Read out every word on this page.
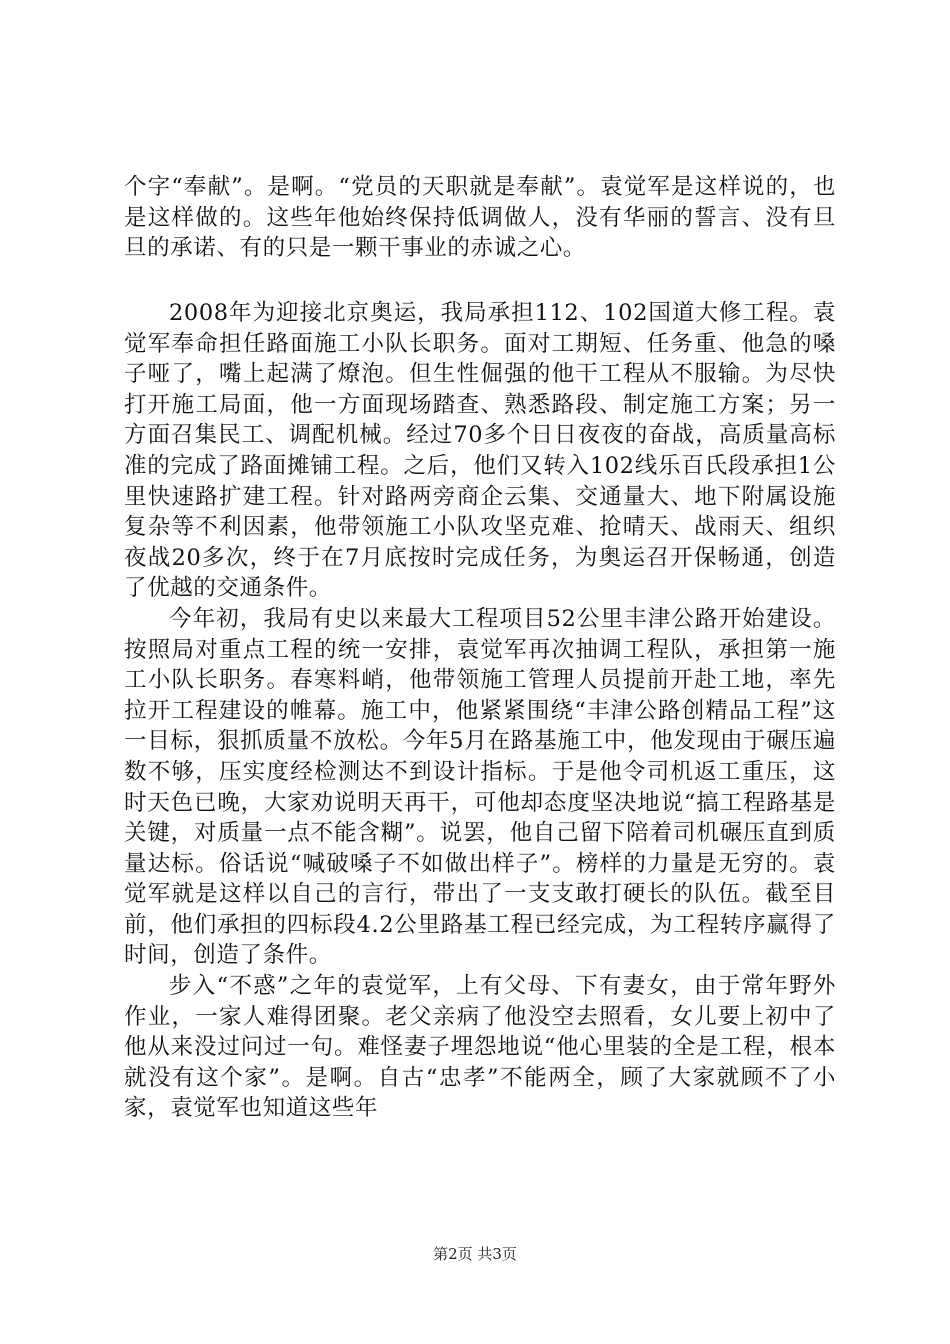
个字“奉献”。是啊。“党员的天职就是奉献”。袁觉军是这样说的，也是这样做的。这些年他始终保持低调做人，没有华丽的誓言、没有旦旦的承诺、有的只是一颗干事业的赤诚之心。

2008年为迎接北京奥运，我局承担112、102国道大修工程。袁觉军奉命担任路面施工小队长职务。面对工期短、任务重、他急的嗓子哑了，嘴上起满了燎泡。但生性倔强的他干工程从不服输。为尽快打开施工局面，他一方面现场踏查、熟悉路段、制定施工方案；另一方面召集民工、调配机械。经过70多个日日夜夜的奋战，高质量高标准的完成了路面摊铺工程。之后，他们又转入102线乐百氏段承担1公里快速路扩建工程。针对路两旁商企云集、交通量大、地下附属设施复杂等不利因素，他带领施工小队攻坚克难、抢晴天、战雨天、组织夜战20多次，终于在7月底按时完成任务，为奥运召开保畅通，创造了优越的交通条件。

今年初，我局有史以来最大工程项目52公里丰津公路开始建设。按照局对重点工程的统一安排，袁觉军再次抽调工程队，承担第一施工小队长职务。春寒料峭，他带领施工管理人员提前开赴工地，率先拉开工程建设的帷幕。施工中，他紧紧围绕“丰津公路创精品工程”这一目标，狠抓质量不放松。今年5月在路基施工中，他发现由于碾压遍数不够，压实度经检测达不到设计指标。于是他令司机返工重压，这时天色已晚，大家劝说明天再干，可他却态度坚决地说“搞工程路基是关键，对质量一点不能含糊”。说罢，他自己留下陪着司机碾压直到质量达标。俗话说“喊破嗓子不如做出样子”。榜样的力量是无穷的。袁觉军就是这样以自己的言行，带出了一支支敢打硬长的队伍。截至目前，他们承担的四标段4.2公里路基工程已经完成，为工程转序赢得了时间，创造了条件。

步入“不惑”之年的袁觉军，上有父母、下有妻女，由于常年野外作业，一家人难得团聚。老父亲病了他没空去照看，女儿要上初中了他从来没过问过一句。难怪妻子埋怨地说“他心里装的全是工程，根本就没有这个家”。是啊。自古“忠孝”不能两全，顾了大家就顾不了小家，袁觉军也知道这些年

第2页 共3页
